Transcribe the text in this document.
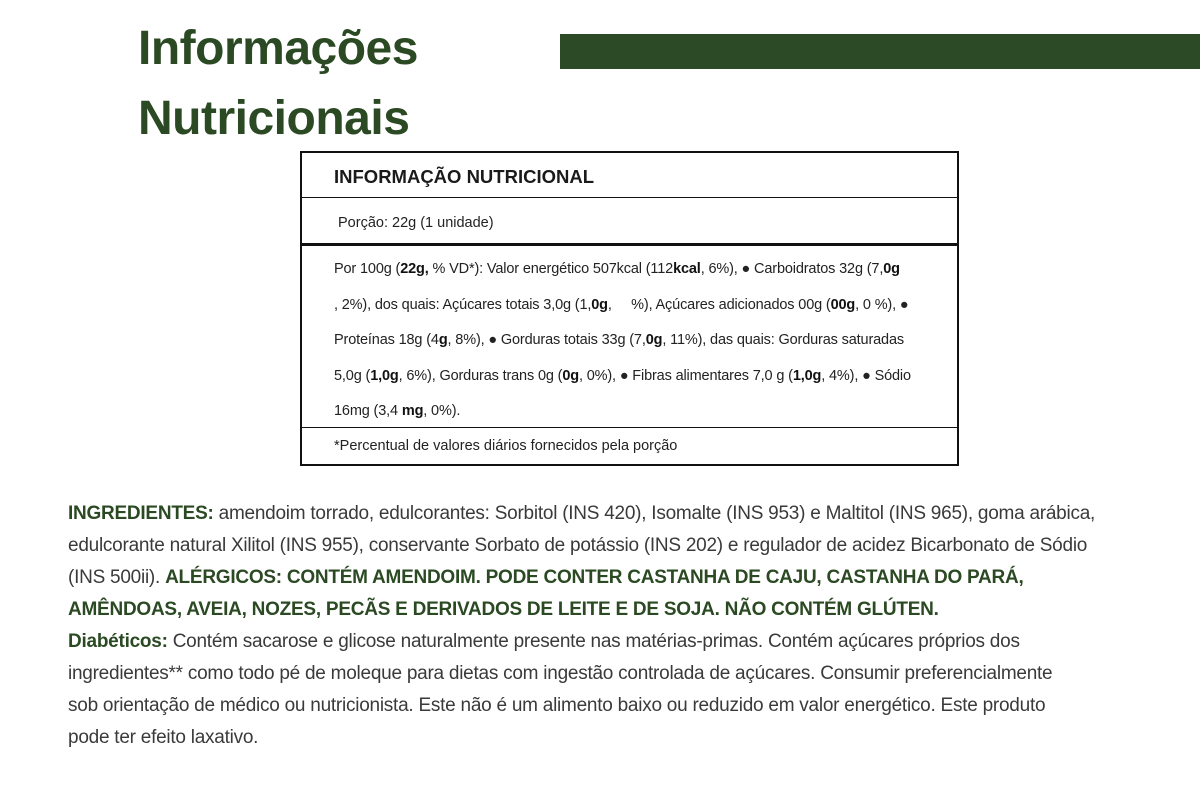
Informações
Nutricionais
INFORMAÇÃO NUTRICIONAL
Porção: 22g (1 unidade)
Por 100g (22g, % VD*): Valor energético 507kcal (112kcal, 6%), ● Carboidratos 32g (7,0g
, 2%), dos quais: Açúcares totais 3,0g (1,0g,     %), Açúcares adicionados 00g (00g, 0 %), ●
Proteínas 18g (4g, 8%), ● Gorduras totais 33g (7,0g, 11%), das quais: Gorduras saturadas
5,0g (1,0g, 6%), Gorduras trans 0g (0g, 0%), ● Fibras alimentares 7,0 g (1,0g, 4%), ● Sódio
16mg (3,4 mg, 0%).
*Percentual de valores diários fornecidos pela porção
INGREDIENTES: amendoim torrado, edulcorantes: Sorbitol (INS 420), Isomalte (INS 953) e Maltitol (INS 965), goma arábica,
edulcorante natural Xilitol (INS 955), conservante Sorbato de potássio (INS 202) e regulador de acidez Bicarbonato de Sódio
(INS 500ii). ALÉRGICOS: CONTÉM AMENDOIM. PODE CONTER CASTANHA DE CAJU, CASTANHA DO PARÁ,
AMÊNDOAS, AVEIA, NOZES, PECÃS E DERIVADOS DE LEITE E DE SOJA. NÃO CONTÉM GLÚTEN.
Diabéticos: Contém sacarose e glicose naturalmente presente nas matérias-primas. Contém açúcares próprios dos
ingredientes** como todo pé de moleque para dietas com ingestão controlada de açúcares. Consumir preferencialmente
sob orientação de médico ou nutricionista. Este não é um alimento baixo ou reduzido em valor energético. Este produto
pode ter efeito laxativo.
